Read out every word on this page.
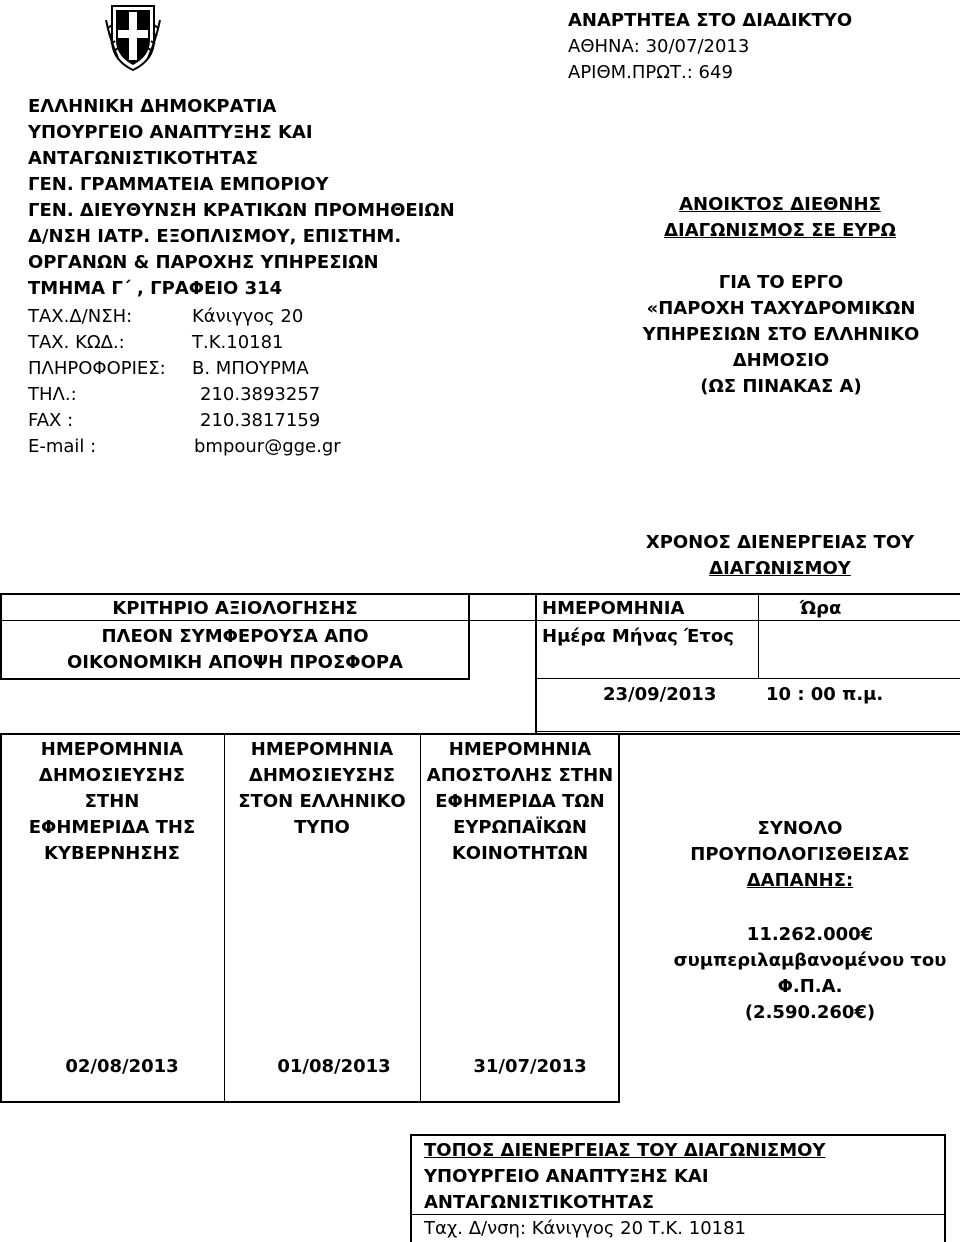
ΕΛΛΗΝΙΚΗ ΔΗΜΟΚΡΑΤΙΑ
ΥΠΟΥΡΓΕΙΟ ΑΝΑΠΤΥΞΗΣ ΚΑΙ
ΑΝΤΑΓΩΝΙΣΤΙΚΟΤΗΤΑΣ
ΓΕΝ. ΓΡΑΜΜΑΤΕΙΑ ΕΜΠΟΡΙΟΥ
ΓΕΝ. ΔΙΕΥΘΥΝΣΗ ΚΡΑΤΙΚΩΝ ΠΡΟΜΗΘΕΙΩΝ
Δ/ΝΣΗ ΙΑΤΡ. ΕΞΟΠΛΙΣΜΟΥ, ΕΠΙΣΤΗΜ.
ΟΡΓΑΝΩΝ & ΠΑΡΟΧΗΣ ΥΠΗΡΕΣΙΩΝ
ΤΜΗΜΑ Γ΄ , ΓΡΑΦΕΙΟ 314
ΤΑΧ.Δ/ΝΣΗ:	Κάνιγγος 20
ΤΑΧ. ΚΩΔ.:	Τ.Κ.10181
ΠΛΗΡΟΦΟΡΙΕΣ: Β. ΜΠΟΥΡΜΑ
ΤΗΛ.:	210.3893257
FAX :	210.3817159
E-mail :	bmpour@gge.gr
ΑΝΑΡΤΗΤΕΑ ΣΤΟ ΔΙΑΔΙΚΤΥΟ
ΑΘΗΝΑ: 30/07/2013
ΑΡΙΘΜ.ΠΡΩΤ.: 649
ΑΝΟΙΚΤΟΣ ΔΙΕΘΝΗΣ
ΔΙΑΓΩΝΙΣΜΟΣ ΣΕ ΕΥΡΩ
ΓΙΑ ΤΟ ΕΡΓΟ
«ΠΑΡΟΧΗ ΤΑΧΥΔΡΟΜΙΚΩΝ
ΥΠΗΡΕΣΙΩΝ ΣΤΟ ΕΛΛΗΝΙΚΟ
ΔΗΜΟΣΙΟ
(ΩΣ ΠΙΝΑΚΑΣ Α)
ΧΡΟΝΟΣ ΔΙΕΝΕΡΓΕΙΑΣ ΤΟΥ
ΔΙΑΓΩΝΙΣΜΟΥ
ΚΡΙΤΗΡΙΟ ΑΞΙΟΛΟΓΗΣΗΣ
ΠΛΕΟΝ ΣΥΜΦΕΡΟΥΣΑ ΑΠΟ
ΟΙΚΟΝΟΜΙΚΗ ΑΠΟΨΗ ΠΡΟΣΦΟΡΑ
ΗΜΕΡΟΜΗΝΙΑ	Ώρα
Ημέρα Μήνας Έτος
23/09/2013	10 : 00 π.μ.
ΗΜΕΡΟΜΗΝΙΑ
ΔΗΜΟΣΙΕΥΣΗΣ
ΣΤΗΝ
ΕΦΗΜΕΡΙΔΑ ΤΗΣ
ΚΥΒΕΡΝΗΣΗΣ
ΗΜΕΡΟΜΗΝΙΑ
ΔΗΜΟΣΙΕΥΣΗΣ
ΣΤΟΝ ΕΛΛΗΝΙΚΟ
ΤΥΠΟ
ΗΜΕΡΟΜΗΝΙΑ
ΑΠΟΣΤΟΛΗΣ ΣΤΗΝ
ΕΦΗΜΕΡΙΔΑ ΤΩΝ
ΕΥΡΩΠΑΪΚΩΝ
ΚΟΙΝΟΤΗΤΩΝ
02/08/2013	01/08/2013	31/07/2013
ΣΥΝΟΛΟ
ΠΡΟΥΠΟΛΟΓΙΣΘΕΙΣΑΣ
ΔΑΠΑΝΗΣ:
11.262.000€
συμπεριλαμβανομένου του
Φ.Π.Α.
(2.590.260€)
ΤΟΠΟΣ ΔΙΕΝΕΡΓΕΙΑΣ ΤΟΥ ΔΙΑΓΩΝΙΣΜΟΥ
ΥΠΟΥΡΓΕΙΟ ΑΝΑΠΤΥΞΗΣ ΚΑΙ
ΑΝΤΑΓΩΝΙΣΤΙΚΟΤΗΤΑΣ
Ταχ. Δ/νση: Κάνιγγος 20 Τ.Κ. 10181
